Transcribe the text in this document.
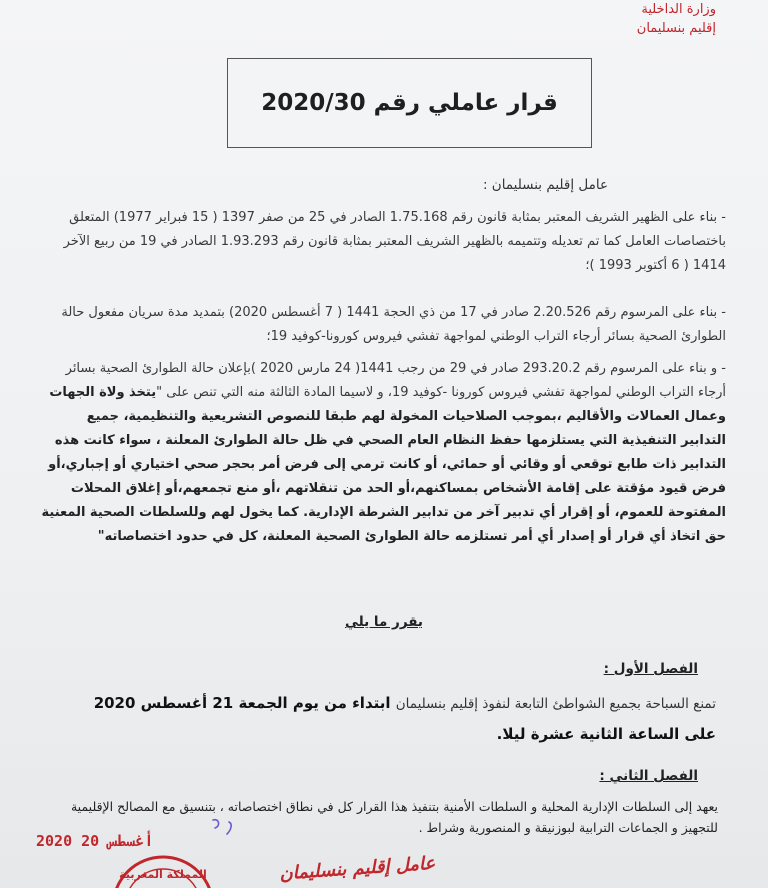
وزارة الداخلية
إقليم بنسليمان
قرار عاملي رقم 2020/30
عامل إقليم بنسليمان :
- بناء على الظهير الشريف المعتبر بمثابة قانون رقم 1.75.168 الصادر في 25 من صفر 1397 ( 15 فبراير 1977) المتعلق باختصاصات العامل كما تم تعديله وتتميمه بالظهير الشريف المعتبر بمثابة قانون رقم 1.93.293 الصادر في 19 من ربيع الآخر 1414 ( 6 أكتوبر 1993 )؛
- بناء على المرسوم رقم 2.20.526 صادر في 17 من ذي الحجة 1441 ( 7 أغسطس 2020) بتمديد مدة سريان مفعول حالة الطوارئ الصحية بسائر أرجاء التراب الوطني لمواجهة تفشي فيروس كورونا-كوفيد 19؛
- و بناء على المرسوم رقم 293.20.2 صادر في 29 من رجب 1441( 24 مارس 2020 )بإعلان حالة الطوارئ الصحية بسائر أرجاء التراب الوطني لمواجهة تفشي فيروس كورونا -كوفيد 19، و لاسيما المادة الثالثة منه التي تنص على "يتخذ ولاة الجهات وعمال العمالات والأقاليم ،بموجب الصلاحيات المخولة لهم طبقا للنصوص التشريعية والتنظيمية، جميع التدابير التنفيذية التي يستلزمها حفظ النظام العام الصحي في ظل حالة الطوارئ المعلنة ، سواء كانت هذه التدابير ذات طابع توقعي أو وقائي أو حمائي، أو كانت ترمي إلى فرض أمر بحجر صحي اختياري أو إجباري،أو فرض قيود مؤقتة على إقامة الأشخاص بمساكنهم،أو الحد من تنقلاتهم ،أو منع تجمعهم،أو إغلاق المحلات المفتوحة للعموم، أو إقرار أي تدبير آخر من تدابير الشرطة الإدارية. كما يخول لهم وللسلطات الصحية المعنية حق اتخاذ أي قرار أو إصدار أي أمر تستلزمه حالة الطوارئ الصحية المعلنة، كل في حدود اختصاصاته"
يقرر ما يلي
الفصل الأول :
تمنع السباحة بجميع الشواطئ التابعة لنفوذ إقليم بنسليمان ابتداء من يوم الجمعة 21 أغسطس 2020 على الساعة الثانية عشرة ليلا.
الفصل الثاني :
يعهد إلى السلطات الإدارية المحلية و السلطات الأمنية بتنفيذ هذا القرار كل في نطاق اختصاصاته ، بتنسيق مع المصالح الإقليمية للتجهيز و الجماعات الترابية لبوزنيقة و المنصورية وشراط .
2020 أغسطس 20
المملكة المغربية	عامل إقليم بنسليمان
